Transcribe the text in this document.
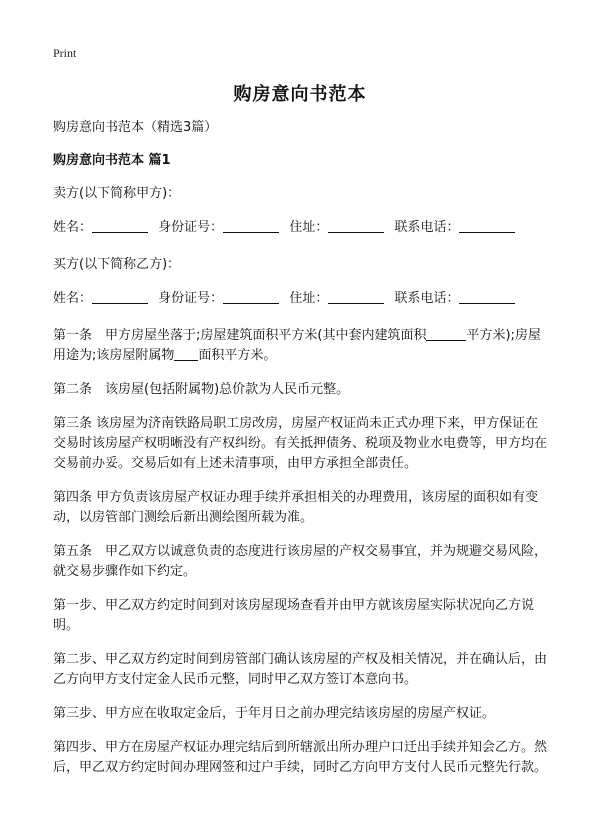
Print
购房意向书范本
购房意向书范本（精选3篇）
购房意向书范本 篇1
卖方(以下简称甲方)：
姓名：	身份证号：	住址：	联系电话：
买方(以下简称乙方)：
姓名：	身份证号：	住址：	联系电话：
第一条　甲方房屋坐落于;房屋建筑面积平方米(其中套内建筑面积	平方米);房屋用途为;该房屋附属物 面积平方米。
第二条　该房屋(包括附属物)总价款为人民币元整。
第三条 该房屋为济南铁路局职工房改房，房屋产权证尚未正式办理下来，甲方保证在交易时该房屋产权明晰没有产权纠纷。有关抵押债务、税项及物业水电费等，甲方均在交易前办妥。交易后如有上述未清事项，由甲方承担全部责任。
第四条 甲方负责该房屋产权证办理手续并承担相关的办理费用，该房屋的面积如有变动，以房管部门测绘后新出测绘图所载为准。
第五条　甲乙双方以诚意负责的态度进行该房屋的产权交易事宜，并为规避交易风险，就交易步骤作如下约定。
第一步、甲乙双方约定时间到对该房屋现场查看并由甲方就该房屋实际状况向乙方说明。
第二步、甲乙双方约定时间到房管部门确认该房屋的产权及相关情况，并在确认后，由乙方向甲方支付定金人民币元整，同时甲乙双方签订本意向书。
第三步、甲方应在收取定金后，于年月日之前办理完结该房屋的房屋产权证。
第四步、甲方在房屋产权证办理完结后到所辖派出所办理户口迁出手续并知会乙方。然后，甲乙双方约定时间办理网签和过户手续，同时乙方向甲方支付人民币元整先行款。
